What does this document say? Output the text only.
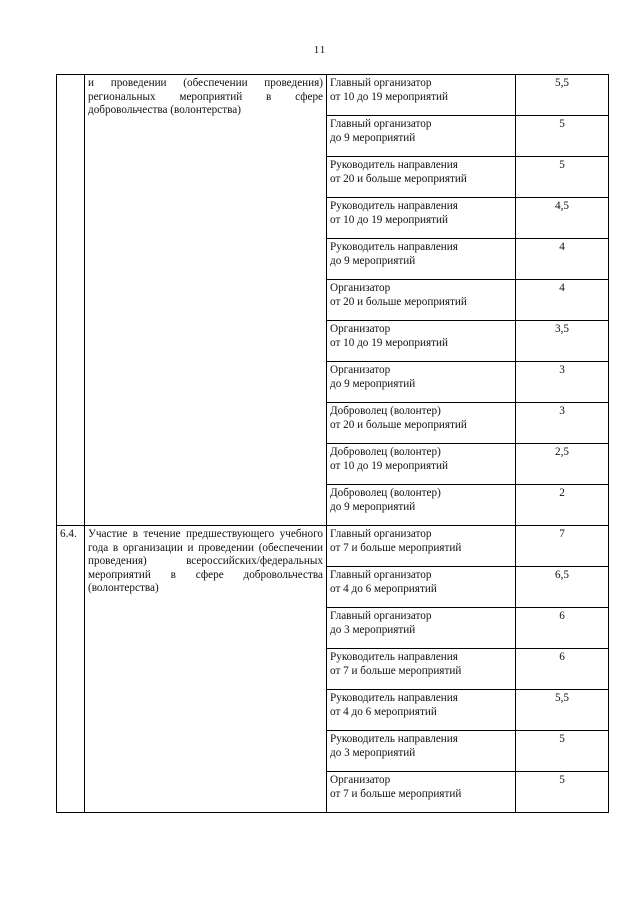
11

	и проведении (обеспечении проведения) региональных мероприятий в сфере добровольчества (волонтерства)	Главный организатор
от 10 до 19 мероприятий	5,5

		Главный организатор
до 9 мероприятий	5

		Руководитель направления
от 20 и больше мероприятий	5

		Руководитель направления
от 10 до 19 мероприятий	4,5

		Руководитель направления
до 9 мероприятий	4

		Организатор
от 20 и больше мероприятий	4

		Организатор
от 10 до 19 мероприятий	3,5

		Организатор
до 9 мероприятий	3

		Доброволец (волонтер)
от 20 и больше мероприятий	3

		Доброволец (волонтер)
от 10 до 19 мероприятий	2,5

		Доброволец (волонтер)
до 9 мероприятий	2
6.4.	Участие в течение предшествующего учебного года в организации и проведении (обеспечении проведения) всероссийских/федеральных мероприятий в сфере добровольчества (волонтерства)	Главный организатор
от 7 и больше мероприятий	7

		Главный организатор
от 4 до 6 мероприятий	6,5

		Главный организатор
до 3 мероприятий	6

		Руководитель направления
от 7 и больше мероприятий	6

		Руководитель направления
от 4 до 6 мероприятий	5,5

		Руководитель направления
до 3 мероприятий	5

		Организатор
от 7 и больше мероприятий	5
